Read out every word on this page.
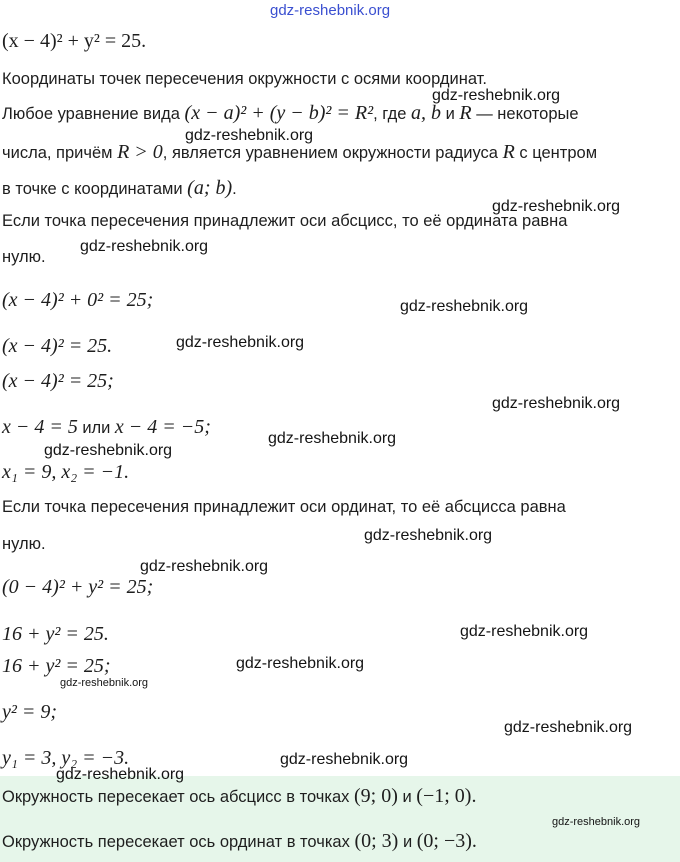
(x − 4)² + y² = 25.
Координаты точек пересечения окружности с осями координат.
Любое уравнение вида (x − a)² + (y − b)² = R², где a, b и R — некоторые
числа, причём R > 0, является уравнением окружности радиуса R с центром
в точке с координатами (a; b).
Если точка пересечения принадлежит оси абсцисс, то её ордината равна
нулю.
(x − 4)² + 0² = 25;
(x − 4)² = 25.
(x − 4)² = 25;
x − 4 = 5 или x − 4 = −5;
x₁ = 9, x₂ = −1.
Если точка пересечения принадлежит оси ординат, то её абсцисса равна
нулю.
(0 − 4)² + y² = 25;
16 + y² = 25.
16 + y² = 25;
y² = 9;
y₁ = 3, y₂ = −3.
Окружность пересекает ось абсцисс в точках (9; 0) и (−1; 0).
Окружность пересекает ось ординат в точках (0; 3) и (0; −3).
gdz-reshebnik.org
gdz-reshebnik.org
gdz-reshebnik.org
gdz-reshebnik.org
gdz-reshebnik.org
gdz-reshebnik.org
gdz-reshebnik.org
gdz-reshebnik.org
gdz-reshebnik.org
gdz-reshebnik.org
gdz-reshebnik.org
gdz-reshebnik.org
gdz-reshebnik.org
gdz-reshebnik.org
gdz-reshebnik.org
gdz-reshebnik.org
gdz-reshebnik.org
gdz-reshebnik.org
gdz-reshebnik.org
